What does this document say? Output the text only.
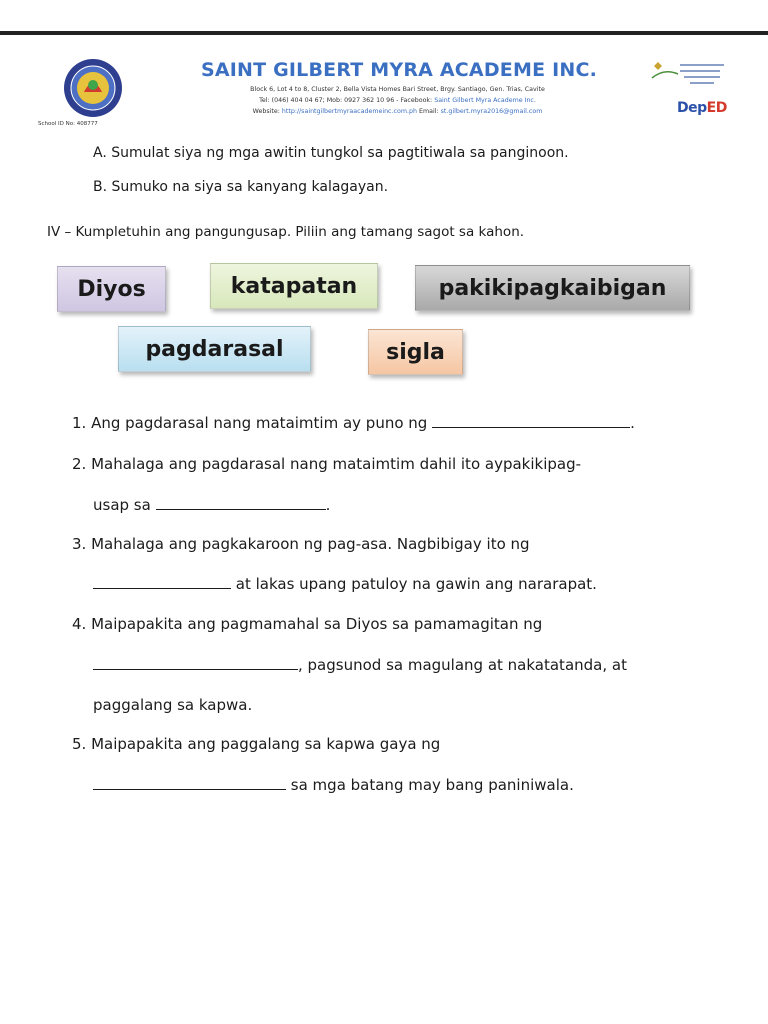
School ID No: 408777
SAINT GILBERT MYRA ACADEME INC.
Block 6, Lot 4 to 8, Cluster 2, Bella Vista Homes Bari Street, Brgy. Santiago, Gen. Trias, Cavite
Tel: (046) 404 04 67; Mob: 0927 362 10 96 - Facebook: Saint Gilbert Myra Academe Inc.
Website: http://saintgilbertmyraacademeinc.com.ph Email: st.gilbert.myra2016@gmail.com	DepED
A. Sumulat siya ng mga awitin tungkol sa pagtitiwala sa panginoon.
B. Sumuko na siya sa kanyang kalagayan.
IV – Kumpletuhin ang pangungusap. Piliin ang tamang sagot sa kahon.
Diyos	katapatan	pakikipagkaibigan
pagdarasal	sigla
1. Ang pagdarasal nang mataimtim ay puno ng	.
2. Mahalaga ang pagdarasal nang mataimtim dahil ito aypakikipag-
usap sa	.
3. Mahalaga ang pagkakaroon ng pag-asa. Nagbibigay ito ng
at lakas upang patuloy na gawin ang nararapat.
4. Maipapakita ang pagmamahal sa Diyos sa pamamagitan ng
, pagsunod sa magulang at nakatatanda, at
paggalang sa kapwa.
5. Maipapakita ang paggalang sa kapwa gaya ng
sa mga batang may bang paniniwala.
